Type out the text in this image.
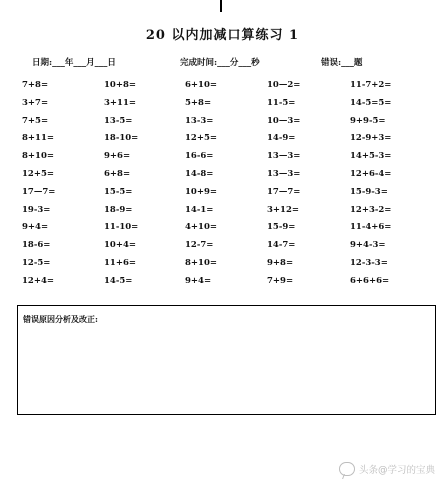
20 以内加减口算练习 1
日期:___年___月___日	完成时间:___分___秒	错误:___题
7+8=	10+8=	6+10=	10—2=	11-7+2=
3+7=	3+11=	5+8=	11-5=	14-5=5=
7+5=	13-5=	13-3=	10—3=	9+9-5=
8+11=	18-10=	12+5=	14-9=	12-9+3=
8+10=	9+6=	16-6=	13—3=	14+5-3=
12+5=	6+8=	14-8=	13—3=	12+6-4=
17—7=	15-5=	10+9=	17—7=	15-9-3=
19-3=	18-9=	14-1=	3+12=	12+3-2=
9+4=	11-10=	4+10=	15-9=	11-4+6=
18-6=	10+4=	12-7=	14-7=	9+4-3=
12-5=	11+6=	8+10=	9+8=	12-3-3=
12+4=	14-5=	9+4=	7+9=	6+6+6=
错误原因分析及改正:
头条@学习的宝典
